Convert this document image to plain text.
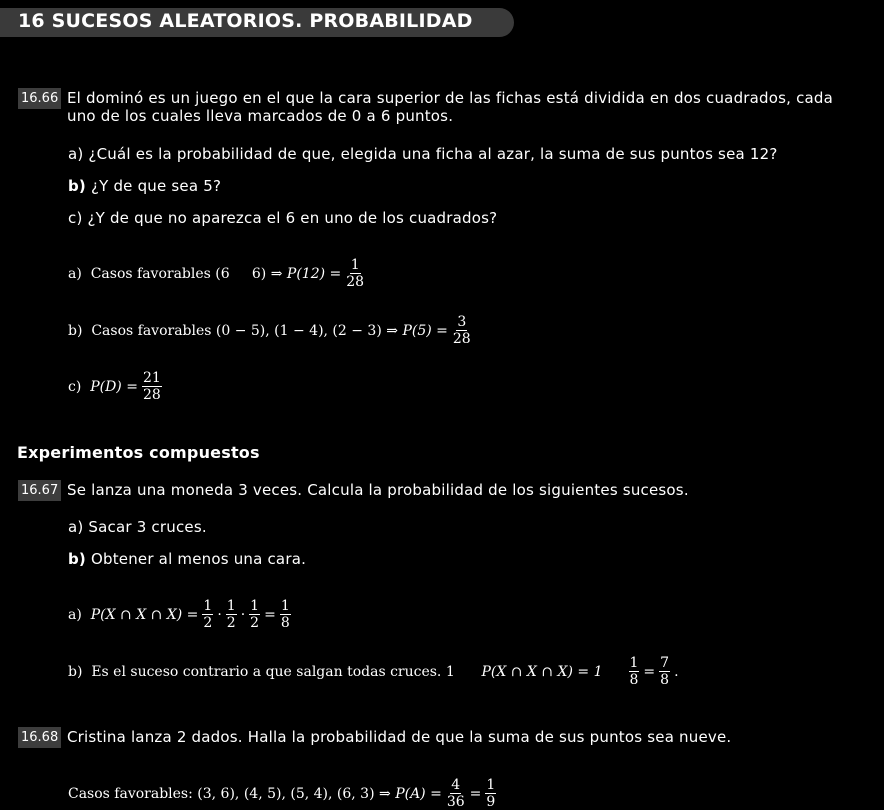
16 SUCESOS ALEATORIOS. PROBABILIDAD
16.66 El dominó es un juego en el que la cara superior de las fichas está dividida en dos cuadrados, cada
uno de los cuales lleva marcados de 0 a 6 puntos.
a) ¿Cuál es la probabilidad de que, elegida una ficha al azar, la suma de sus puntos sea 12?
b) ¿Y de que sea 5?
c) ¿Y de que no aparezca el 6 en uno de los cuadrados?
a)  Casos favorables (6     6) ⇒ $P(12) = \frac{1}{28}$
b)  Casos favorables (0 − 5), (1 − 4), (2 − 3) ⇒ $P(5) = \frac{3}{28}$
c) $P(D) = \frac{21}{28}$
Experimentos compuestos
16.67 Se lanza una moneda 3 veces. Calcula la probabilidad de los siguientes sucesos.
a) Sacar 3 cruces.
b) Obtener al menos una cara.
a) P(X ∩ X ∩ $X) = \frac{1}{2} \cdot \frac{1}{2} \cdot \frac{1}{2} = \frac{1}{8}$
b)  Es el suceso contrario a que salgan todas cruces. 1 P(X ∩ X ∩ $X) = 1 \frac{1}{8} = \frac{7}{8}$ .
16.68 Cristina lanza 2 dados. Halla la probabilidad de que la suma de sus puntos sea nueve.
Casos favorables: (3, 6), (4, 5), (5, 4), (6, 3) ⇒ $P(A) = \frac{4}{36} = \frac{1}{9}$
